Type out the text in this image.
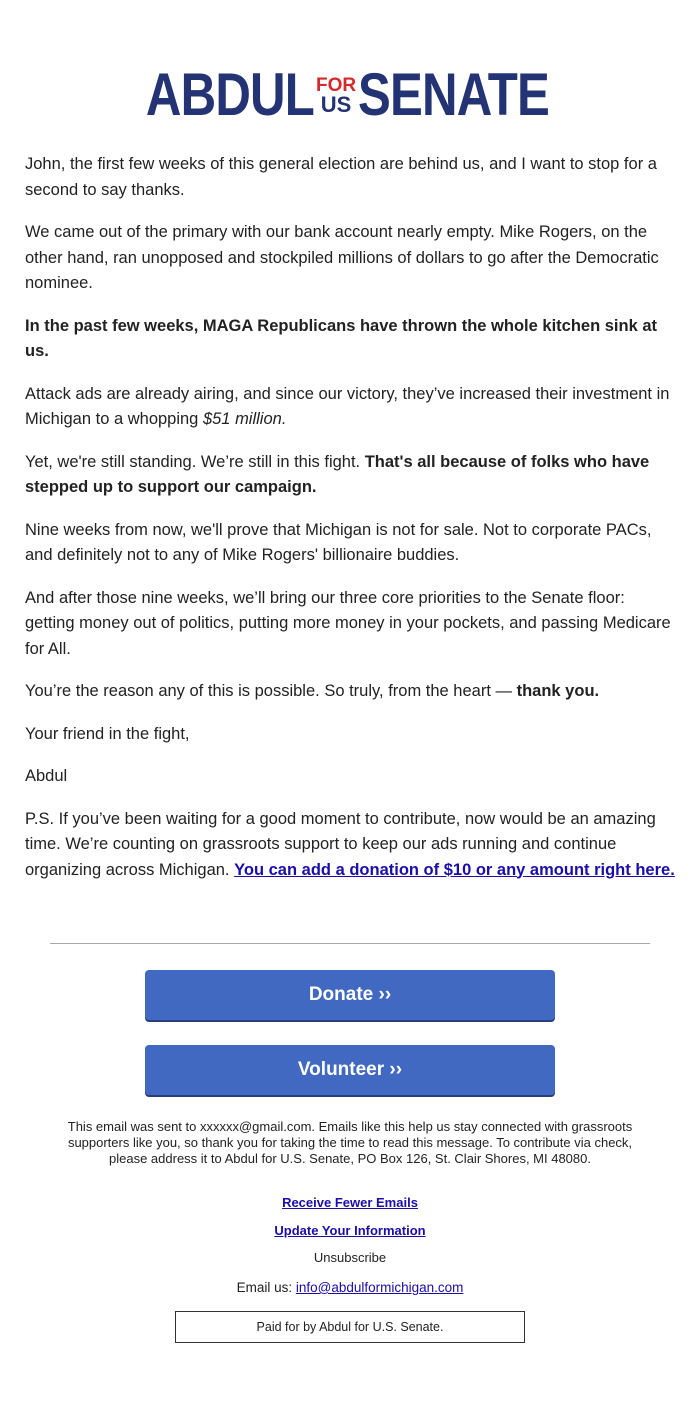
ABDUL FOR
US SENATE

John, the first few weeks of this general election are behind us, and I want to stop for a second to say thanks.

We came out of the primary with our bank account nearly empty. Mike Rogers, on the other hand, ran unopposed and stockpiled millions of dollars to go after the Democratic nominee.

In the past few weeks, MAGA Republicans have thrown the whole kitchen sink at us.

Attack ads are already airing, and since our victory, they’ve increased their investment in Michigan to a whopping $51 million.

Yet, we're still standing. We’re still in this fight. That's all because of folks who have stepped up to support our campaign.

Nine weeks from now, we'll prove that Michigan is not for sale. Not to corporate PACs, and definitely not to any of Mike Rogers' billionaire buddies.

And after those nine weeks, we’ll bring our three core priorities to the Senate floor: getting money out of politics, putting more money in your pockets, and passing Medicare for All.

You’re the reason any of this is possible. So truly, from the heart — thank you.

Your friend in the fight,

Abdul

P.S. If you’ve been waiting for a good moment to contribute, now would be an amazing time. We’re counting on grassroots support to keep our ads running and continue organizing across Michigan. You can add a donation of $10 or any amount right here.

Donate ››
Volunteer ››
This email was sent to xxxxxx@gmail.com. Emails like this help us stay connected with grassroots supporters like you, so thank you for taking the time to read this message. To contribute via check, please address it to Abdul for U.S. Senate, PO Box 126, St. Clair Shores, MI 48080.
Receive Fewer Emails
Update Your Information
Unsubscribe
Email us: info@abdulformichigan.com
Paid for by Abdul for U.S. Senate.
